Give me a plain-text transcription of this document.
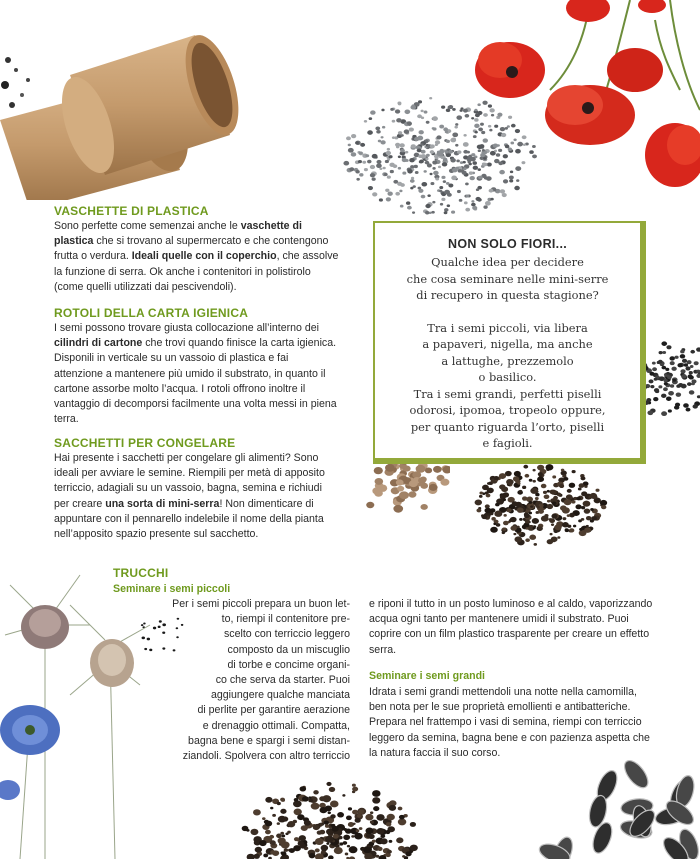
VASCHETTE DI PLASTICA
Sono perfette come semenzai anche le vaschette di plastica che si trovano al supermercato e che contengono frutta o verdura. Ideali quelle con il coperchio, che assolve la funzione di serra. Ok anche i contenitori in polistirolo (come quelli utilizzati dai pescivendoli).
ROTOLI DELLA CARTA IGIENICA
I semi possono trovare giusta collocazione all’interno dei cilindri di cartone che trovi quando finisce la carta igienica. Disponili in verticale su un vassoio di plastica e fai attenzione a mantenere più umido il substrato, in quanto il cartone assorbe molto l’acqua. I rotoli offrono inoltre il vantaggio di decomporsi facilmente una volta messi in piena terra.
SACCHETTI PER CONGELARE
Hai presente i sacchetti per congelare gli alimenti? Sono ideali per avviare le semine. Riempili per metà di apposito terriccio, adagiali su un vassoio, bagna, semina e richiudi per creare una sorta di mini-serra! Non dimenticare di appuntare con il pennarello indelebile il nome della pianta nell’apposito spazio presente sul sacchetto.
NON SOLO FIORI...
Qualche idea per decidere
che cosa seminare nelle mini-serre
di recupero in questa stagione?
Tra i semi piccoli, via libera
a papaveri, nigella, ma anche
a lattughe, prezzemolo
o basilico.
Tra i semi grandi, perfetti piselli
odorosi, ipomoa, tropeolo oppure,
per quanto riguarda l’orto, piselli
e fagioli.
TRUCCHI
Seminare i semi piccoli
Per i semi piccoli prepara un buon let-
to, riempi il contenitore pre-
scelto con terriccio leggero
composto da un miscuglio
di torbe e concime organi-
co che serva da starter. Puoi
aggiungere qualche manciata
di perlite per garantire aerazione
e drenaggio ottimali. Compatta,
bagna bene e spargi i semi distan-
ziandoli. Spolvera con altro terriccio
e riponi il tutto in un posto luminoso e al caldo, vaporizzando acqua ogni tanto per mantenere umidi il substrato. Puoi coprire con un film plastico trasparente per creare un effetto serra.
Seminare i semi grandi
Idrata i semi grandi mettendoli una notte nella camomilla, ben nota per le sue proprietà emollienti e antibatteriche. Prepara nel frattempo i vasi di semina, riempi con terriccio leggero da semina, bagna bene e con pazienza aspetta che la natura faccia il suo corso.
